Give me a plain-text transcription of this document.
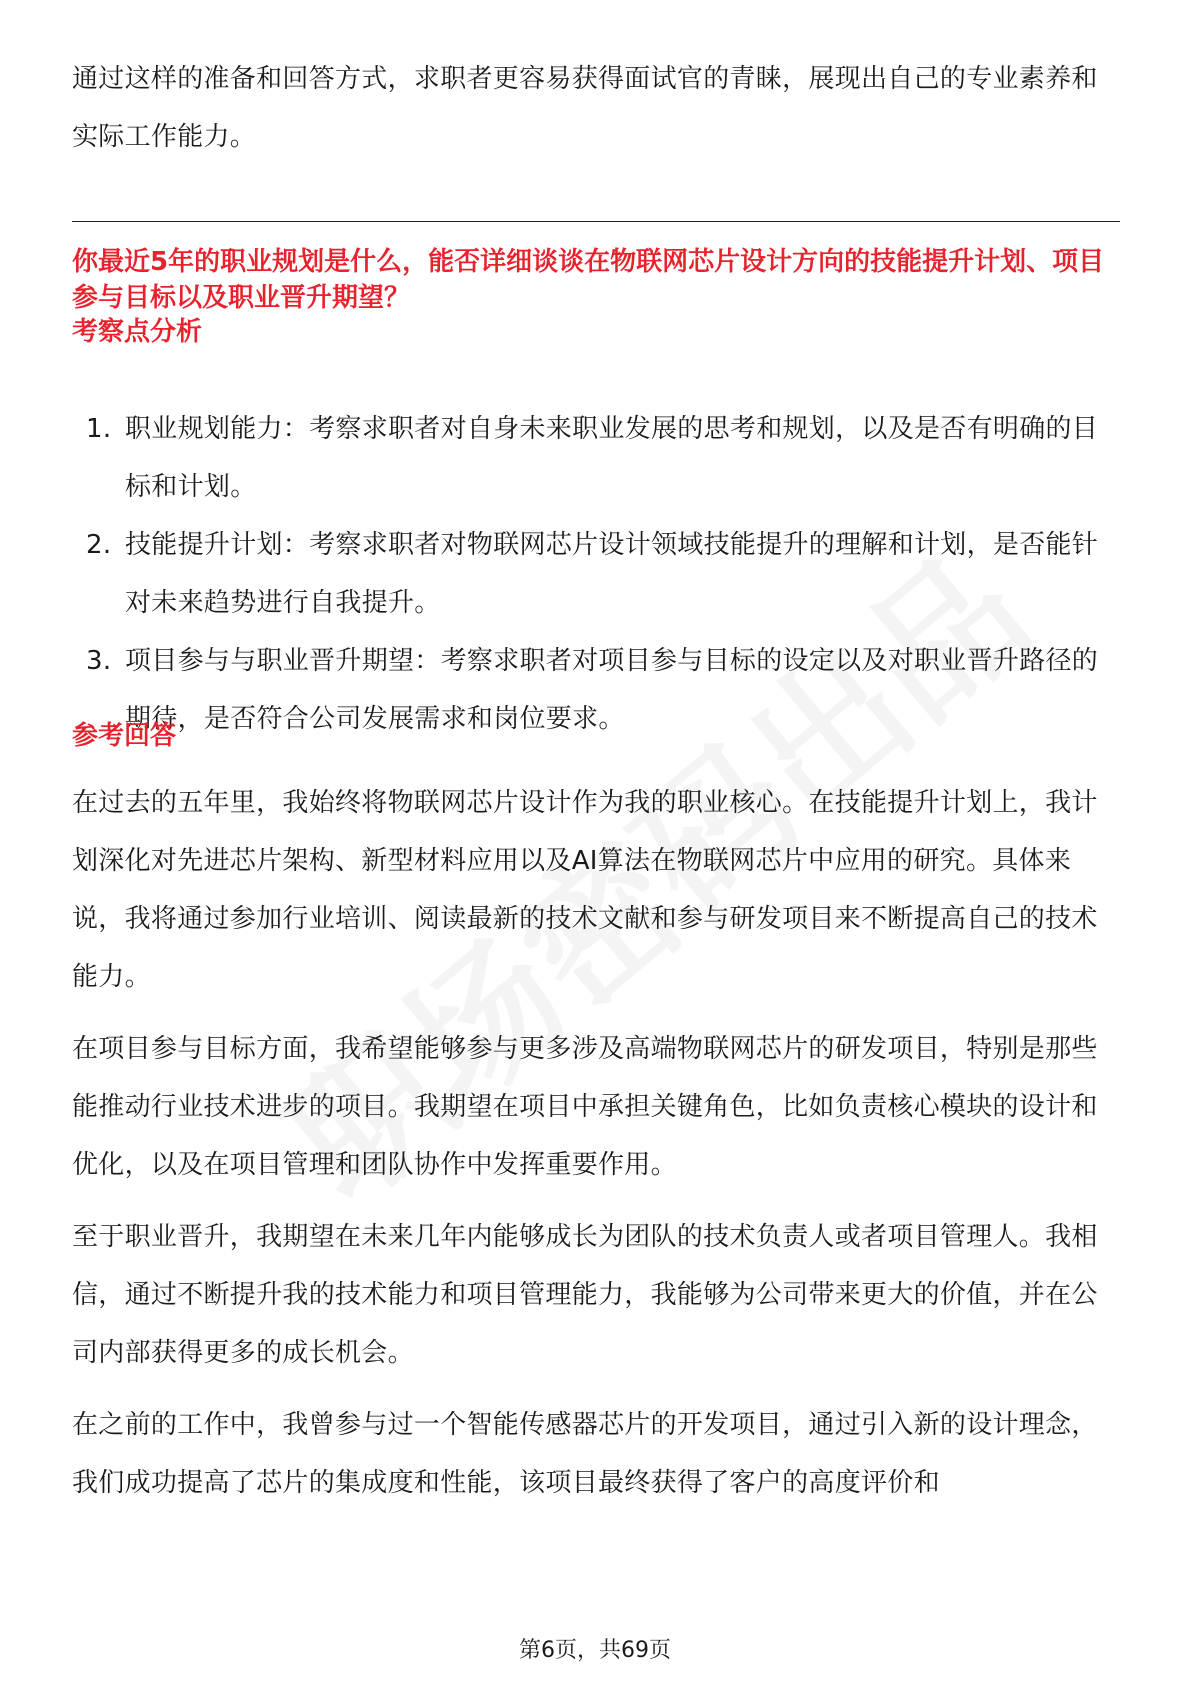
通过这样的准备和回答方式，求职者更容易获得面试官的青睐，展现出自己的专业素养和实际工作能力。

你最近5年的职业规划是什么，能否详细谈谈在物联网芯片设计方向的技能提升计划、项目参与目标以及职业晋升期望？

考察点分析

1. 职业规划能力：考察求职者对自身未来职业发展的思考和规划，以及是否有明确的目标和计划。
2. 技能提升计划：考察求职者对物联网芯片设计领域技能提升的理解和计划，是否能针对未来趋势进行自我提升。
3. 项目参与与职业晋升期望：考察求职者对项目参与目标的设定以及对职业晋升路径的期待，是否符合公司发展需求和岗位要求。

参考回答

在过去的五年里，我始终将物联网芯片设计作为我的职业核心。在技能提升计划上，我计划深化对先进芯片架构、新型材料应用以及AI算法在物联网芯片中应用的研究。具体来说，我将通过参加行业培训、阅读最新的技术文献和参与研发项目来不断提高自己的技术能力。

在项目参与目标方面，我希望能够参与更多涉及高端物联网芯片的研发项目，特别是那些能推动行业技术进步的项目。我期望在项目中承担关键角色，比如负责核心模块的设计和优化，以及在项目管理和团队协作中发挥重要作用。

至于职业晋升，我期望在未来几年内能够成长为团队的技术负责人或者项目管理人。我相信，通过不断提升我的技术能力和项目管理能力，我能够为公司带来更大的价值，并在公司内部获得更多的成长机会。

在之前的工作中，我曾参与过一个智能传感器芯片的开发项目，通过引入新的设计理念，我们成功提高了芯片的集成度和性能，该项目最终获得了客户的高度评价和

第6页，共69页
